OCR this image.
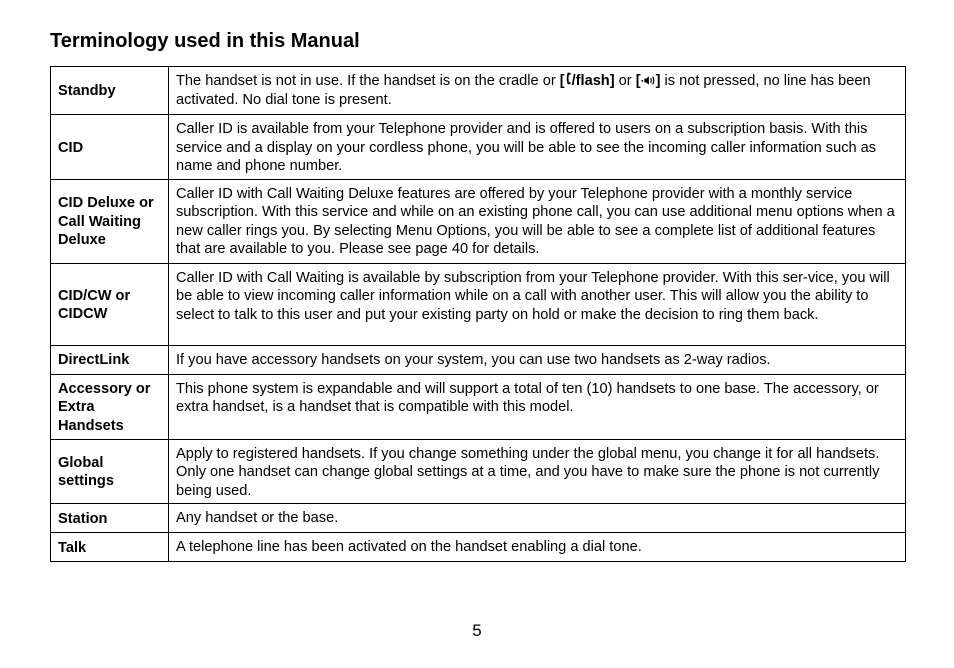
Terminology used in this Manual
Standby	The handset is not in use. If the handset is on the cradle or [ /flash] or [ ] is not pressed, no line has been activated. No dial tone is present.
CID	Caller ID is available from your Telephone provider and is offered to users on a subscription basis. With this service and a display on your cordless phone, you will be able to see the incoming caller information such as name and phone number.
CID Deluxe or Call Waiting Deluxe	Caller ID with Call Waiting Deluxe features are offered by your Telephone provider with a monthly service subscription. With this service and while on an existing phone call, you can use additional menu options when a new caller rings you. By selecting Menu Options, you will be able to see a complete list of additional features that are available to you. Please see page 40 for details.
CID/CW or CIDCW	Caller ID with Call Waiting is available by subscription from your Telephone provider. With this ser-vice, you will be able to view incoming caller information while on a call with another user. This will allow you the ability to select to talk to this user and put your existing party on hold or make the decision to ring them back.
DirectLink	If you have accessory handsets on your system, you can use two handsets as 2-way radios.
Accessory or Extra Handsets	This phone system is expandable and will support a total of ten (10) handsets to one base. The accessory, or extra handset, is a handset that is compatible with this model.
Global settings	Apply to registered handsets. If you change something under the global menu, you change it for all handsets. Only one handset can change global settings at a time, and you have to make sure the phone is not currently being used.
Station	Any handset or the base.
Talk	A telephone line has been activated on the handset enabling a dial tone.
5
